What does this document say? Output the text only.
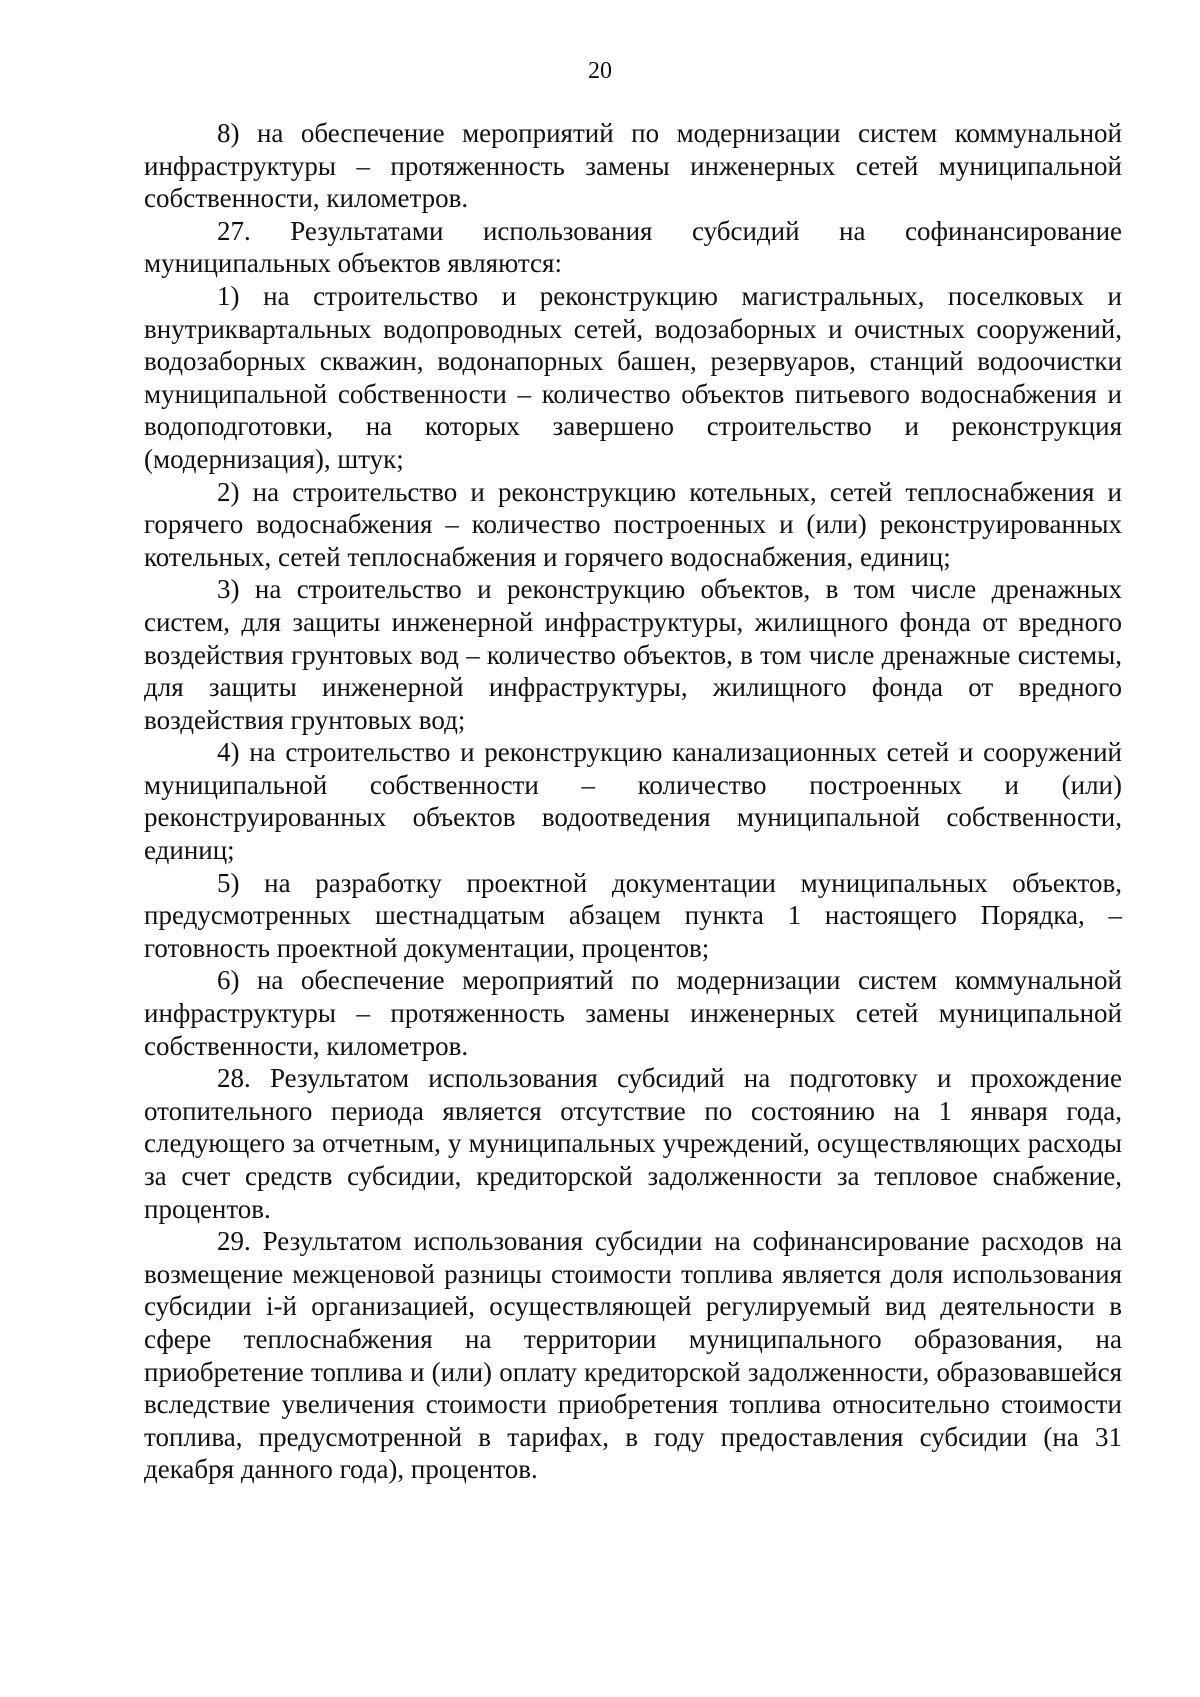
20

8) на обеспечение мероприятий по модернизации систем коммунальной инфраструктуры – протяженность замены инженерных сетей муниципальной собственности, километров.

27. Результатами использования субсидий на софинансирование муниципальных объектов являются:

1) на строительство и реконструкцию магистральных, поселковых и внутриквартальных водопроводных сетей, водозаборных и очистных сооружений, водозаборных скважин, водонапорных башен, резервуаров, станций водоочистки муниципальной собственности – количество объектов питьевого водоснабжения и водоподготовки, на которых завершено строительство и реконструкция (модернизация), штук;

2) на строительство и реконструкцию котельных, сетей теплоснабжения и горячего водоснабжения – количество построенных и (или) реконструированных котельных, сетей теплоснабжения и горячего водоснабжения, единиц;

3) на строительство и реконструкцию объектов, в том числе дренажных систем, для защиты инженерной инфраструктуры, жилищного фонда от вредного воздействия грунтовых вод – количество объектов, в том числе дренажные системы, для защиты инженерной инфраструктуры, жилищного фонда от вредного воздействия грунтовых вод;

4) на строительство и реконструкцию канализационных сетей и сооружений муниципальной собственности – количество построенных и (или) реконструированных объектов водоотведения муниципальной собственности, единиц;

5) на разработку проектной документации муниципальных объектов, предусмотренных шестнадцатым абзацем пункта 1 настоящего Порядка, – готовность проектной документации, процентов;

6) на обеспечение мероприятий по модернизации систем коммунальной инфраструктуры – протяженность замены инженерных сетей муниципальной собственности, километров.

28. Результатом использования субсидий на подготовку и прохождение отопительного периода является отсутствие по состоянию на 1 января года, следующего за отчетным, у муниципальных учреждений, осуществляющих расходы за счет средств субсидии, кредиторской задолженности за тепловое снабжение, процентов.

29. Результатом использования субсидии на софинансирование расходов на возмещение межценовой разницы стоимости топлива является доля использования субсидии i-й организацией, осуществляющей регулируемый вид деятельности в сфере теплоснабжения на территории муниципального образования, на приобретение топлива и (или) оплату кредиторской задолженности, образовавшейся вследствие увеличения стоимости приобретения топлива относительно стоимости топлива, предусмотренной в тарифах, в году предоставления субсидии (на 31 декабря данного года), процентов.
